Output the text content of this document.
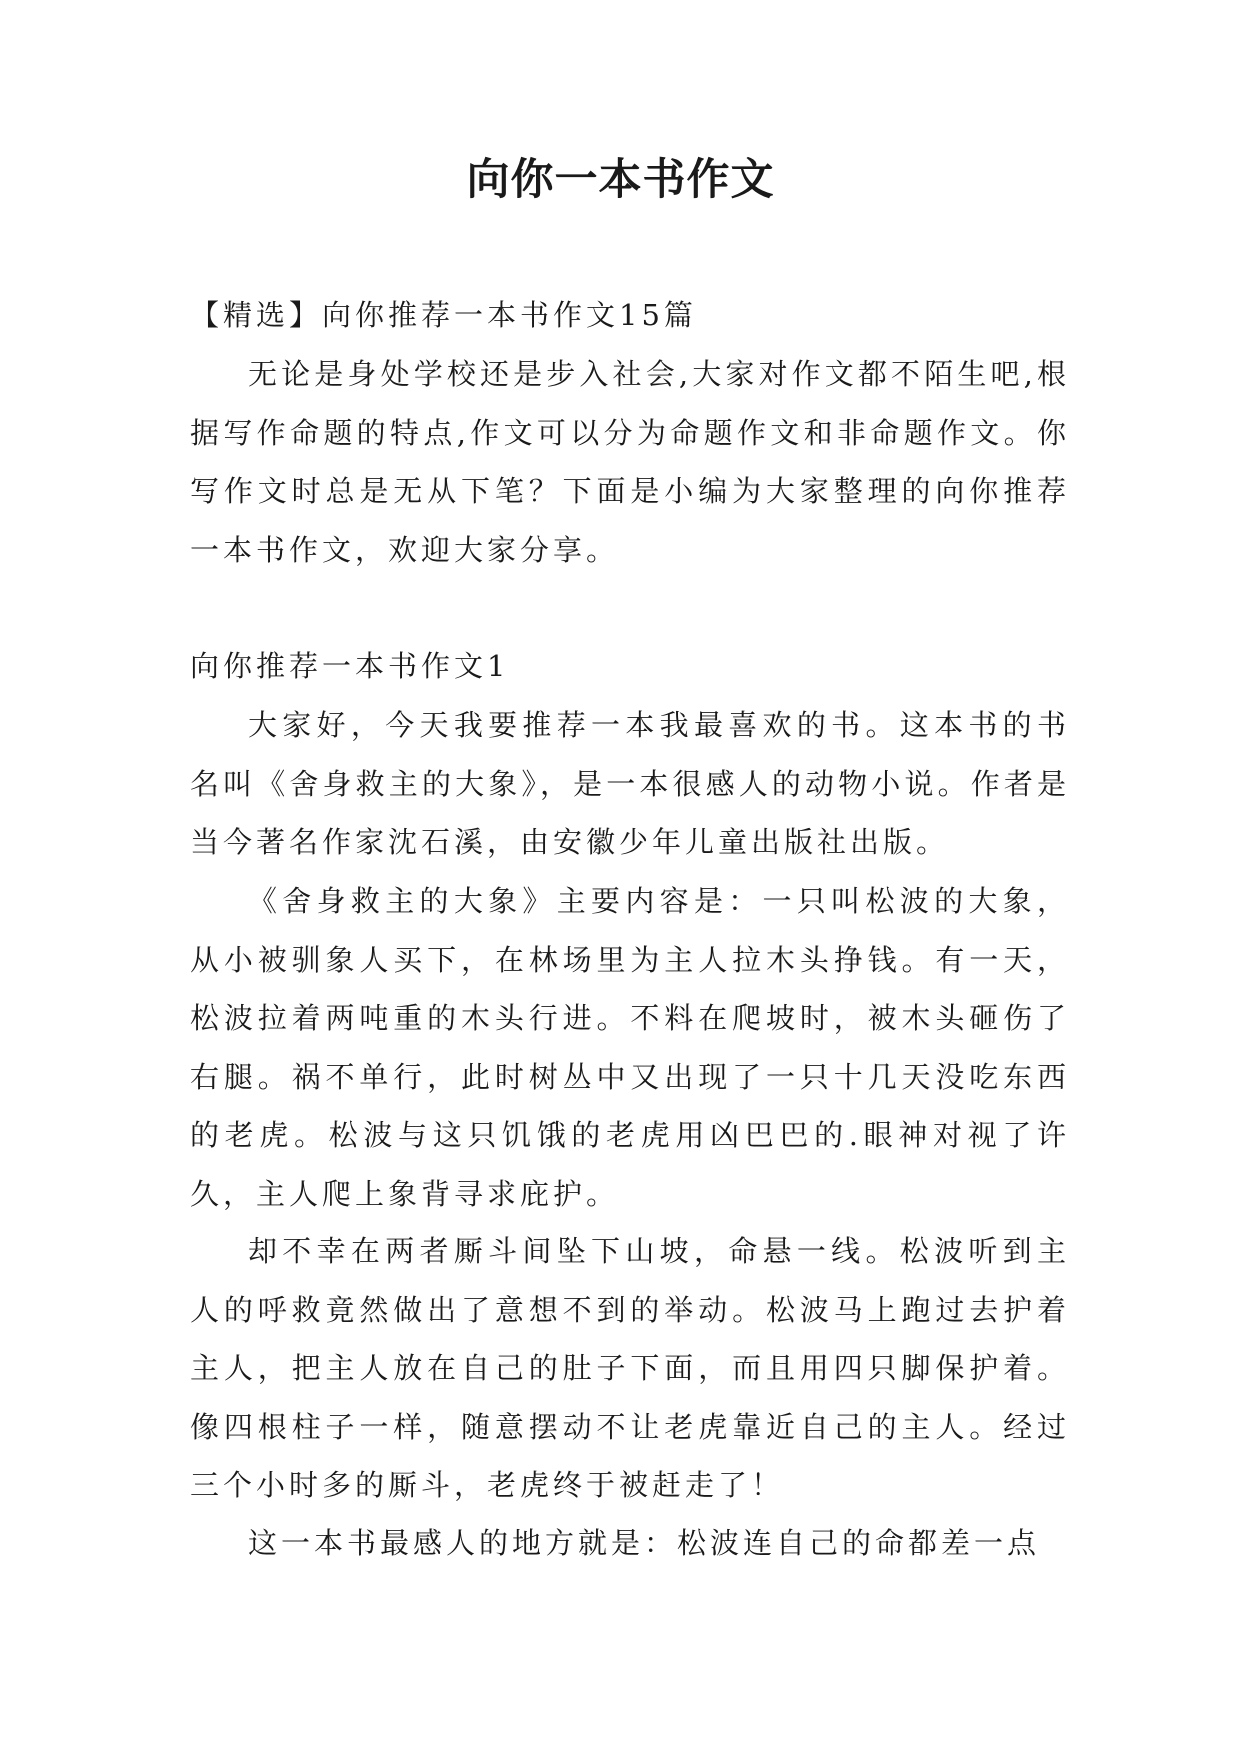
向你一本书作文

【精选】向你推荐一本书作文15篇

无论是身处学校还是步入社会,大家对作文都不陌生吧,根据写作命题的特点,作文可以分为命题作文和非命题作文。你写作文时总是无从下笔？下面是小编为大家整理的向你推荐一本书作文，欢迎大家分享。

向你推荐一本书作文1

大家好，今天我要推荐一本我最喜欢的书。这本书的书名叫《舍身救主的大象》，是一本很感人的动物小说。作者是当今著名作家沈石溪，由安徽少年儿童出版社出版。

《舍身救主的大象》主要内容是：一只叫松波的大象，从小被驯象人买下，在林场里为主人拉木头挣钱。有一天，松波拉着两吨重的木头行进。不料在爬坡时，被木头砸伤了右腿。祸不单行，此时树丛中又出现了一只十几天没吃东西的老虎。松波与这只饥饿的老虎用凶巴巴的.眼神对视了许久，主人爬上象背寻求庇护。

却不幸在两者厮斗间坠下山坡，命悬一线。松波听到主人的呼救竟然做出了意想不到的举动。松波马上跑过去护着主人，把主人放在自己的肚子下面，而且用四只脚保护着。像四根柱子一样，随意摆动不让老虎靠近自己的主人。经过三个小时多的厮斗，老虎终于被赶走了！

这一本书最感人的地方就是：松波连自己的命都差一点
